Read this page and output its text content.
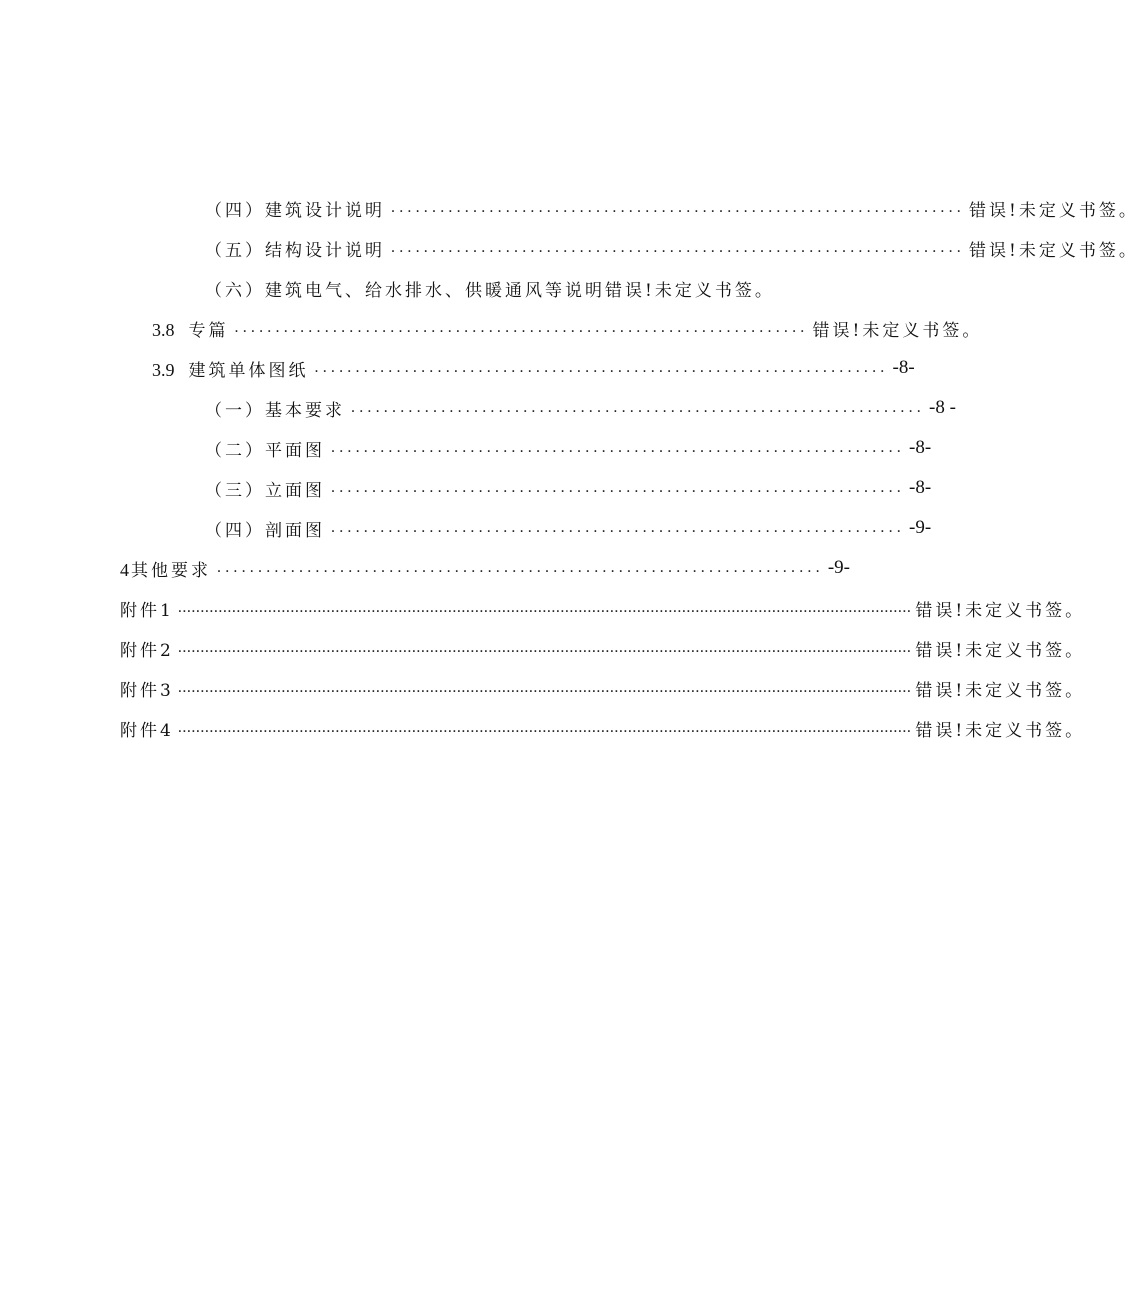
（四）建筑设计说明 ...................................................................... 错误!未定义书签。
（五）结构设计说明 ...................................................................... 错误!未定义书签。
（六）建筑电气、给水排水、供暖通风等说明 错误!未定义书签。
3.8 专篇 ...................................................................... 错误!未定义书签。
3.9 建筑单体图纸 ...................................................................... -8-
（一）基本要求 ...................................................................... -8 -
（二）平面图 ...................................................................... -8-
（三）立面图 ...................................................................... -8-
（四）剖面图 ...................................................................... -9-
4 其他要求 .......................................................................... -9-
附件1 ................................................................................................................................................................... 错误!未定义书签。
附件2 ................................................................................................................................................................... 错误!未定义书签。
附件3 ................................................................................................................................................................... 错误!未定义书签。
附件4 ................................................................................................................................................................... 错误!未定义书签。
